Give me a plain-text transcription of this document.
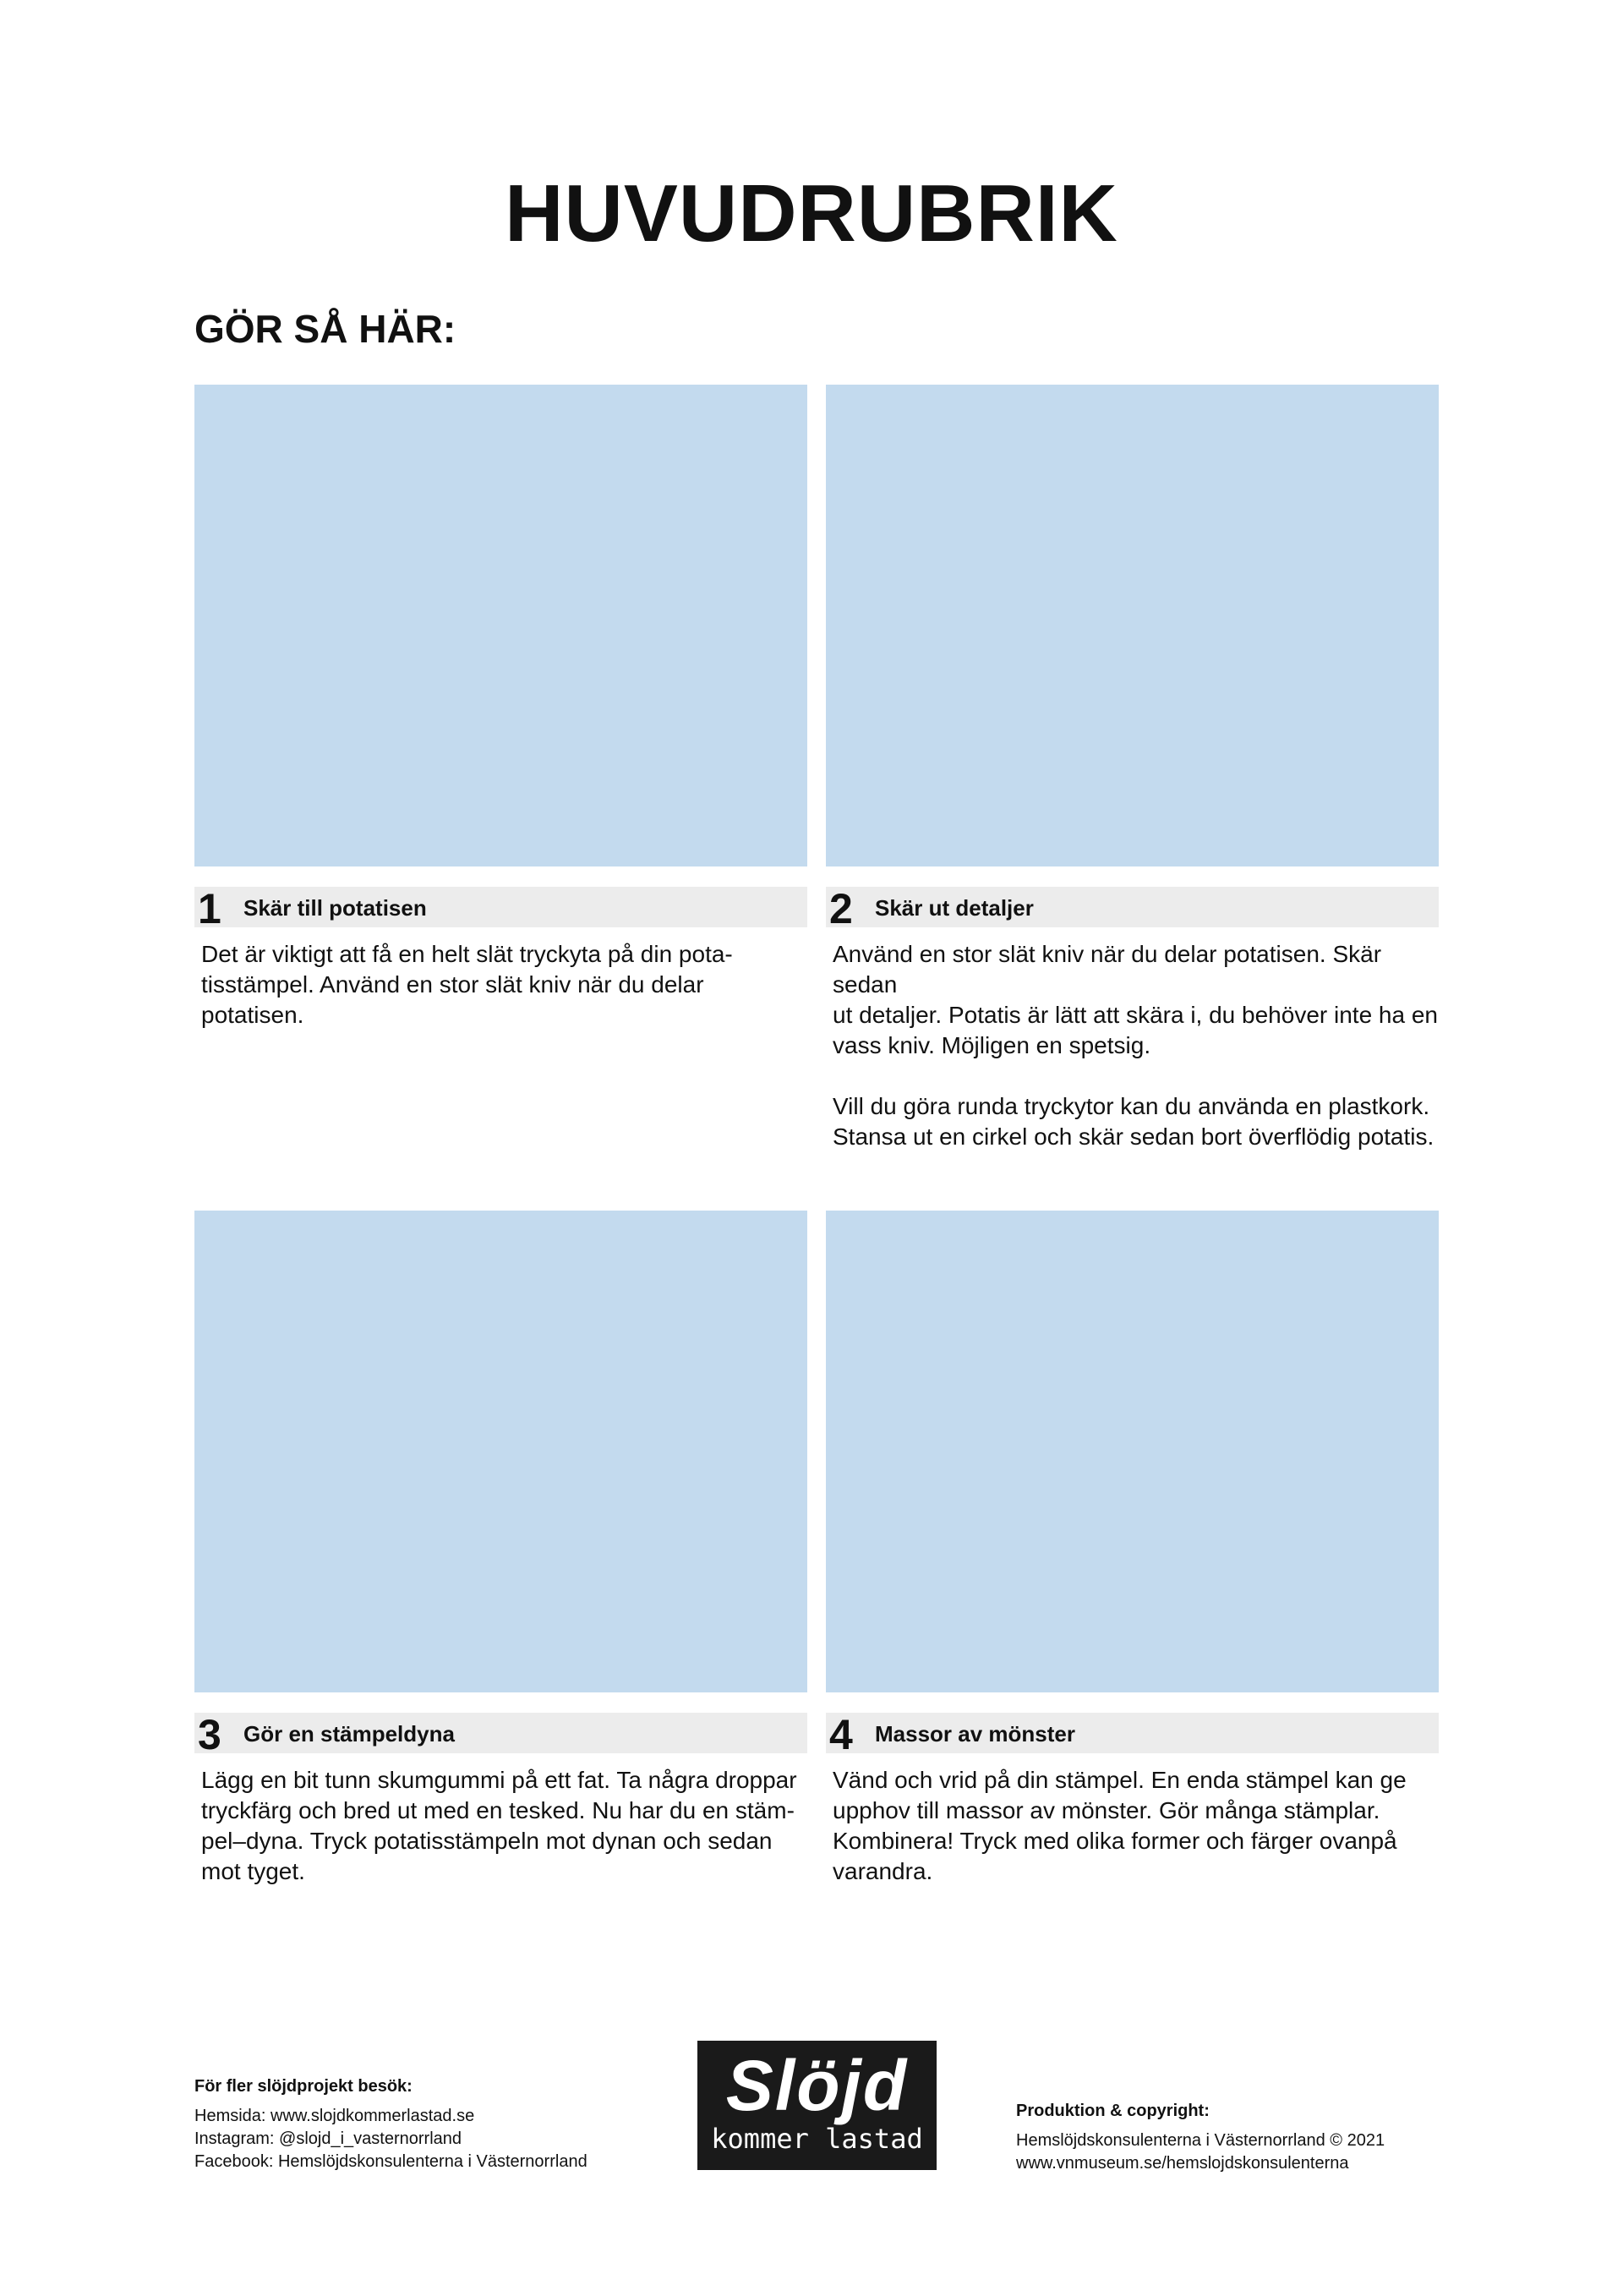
HUVUDRUBRIK
GÖR SÅ HÄR:
1 Skär till potatisen
Det är viktigt att få en helt slät tryckyta på din pota-
tisstämpel. Använd en stor slät kniv när du delar potatisen.
2 Skär ut detaljer
Använd en stor slät kniv när du delar potatisen. Skär sedan
ut detaljer. Potatis är lätt att skära i, du behöver inte ha en
vass kniv. Möjligen en spetsig.

Vill du göra runda tryckytor kan du använda en plastkork.
Stansa ut en cirkel och skär sedan bort överflödig potatis.
3 Gör en stämpeldyna
Lägg en bit tunn skumgummi på ett fat. Ta några droppar
tryckfärg och bred ut med en tesked. Nu har du en stäm-
pel–dyna. Tryck potatisstämpeln mot dynan och sedan
mot tyget.
4 Massor av mönster
Vänd och vrid på din stämpel. En enda stämpel kan ge
upphov till massor av mönster. Gör många stämplar.
Kombinera! Tryck med olika former och färger ovanpå
varandra.
För fler slöjdprojekt besök:
Hemsida: www.slojdkommerlastad.se
Instagram: @slojd_i_vasternorrland
Facebook: Hemslöjdskonsulenterna i Västernorrland
Slöjd
kommer lastad
Produktion & copyright:
Hemslöjdskonsulenterna i Västernorrland © 2021
www.vnmuseum.se/hemslojdskonsulenterna
